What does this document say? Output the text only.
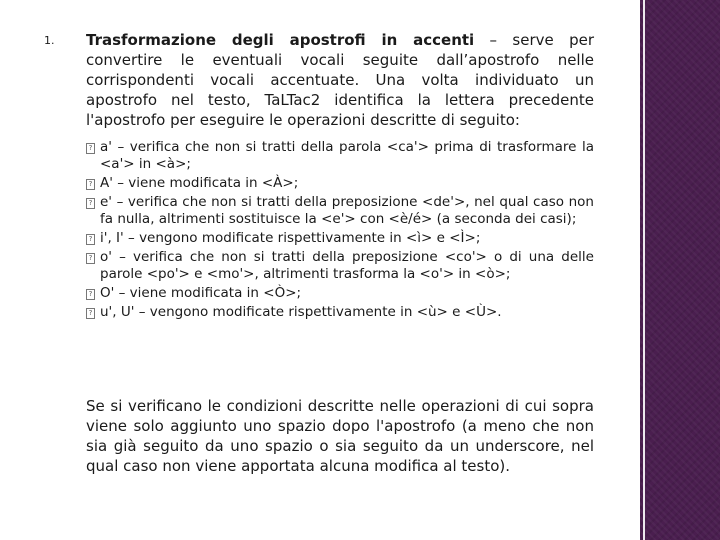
1. Trasformazione degli apostrofi in accenti – serve per convertire le eventuali vocali seguite dall’apostrofo nelle corrispondenti vocali accentuate. Una volta individuato un apostrofo nel testo, TaLTac2 identifica la lettera precedente l'apostrofo per eseguire le operazioni descritte di seguito:

? a' – verifica che non si tratti della parola <ca'> prima di trasformare la <a'> in <à>;
? A' – viene modificata in <À>;
? e' – verifica che non si tratti della preposizione <de'>, nel qual caso non fa nulla, altrimenti sostituisce la <e'> con <è/é> (a seconda dei casi);
? i', I' – vengono modificate rispettivamente in <ì> e <Ì>;
? o' – verifica che non si tratti della preposizione <co'> o di una delle parole <po'> e <mo'>, altrimenti trasforma la <o'> in <ò>;
? O' – viene modificata in <Ò>;
? u', U' – vengono modificate rispettivamente in <ù> e <Ù>.

Se si verificano le condizioni descritte nelle operazioni di cui sopra viene solo aggiunto uno spazio dopo l'apostrofo (a meno che non sia già seguito da uno spazio o sia seguito da un underscore, nel qual caso non viene apportata alcuna modifica al testo).
